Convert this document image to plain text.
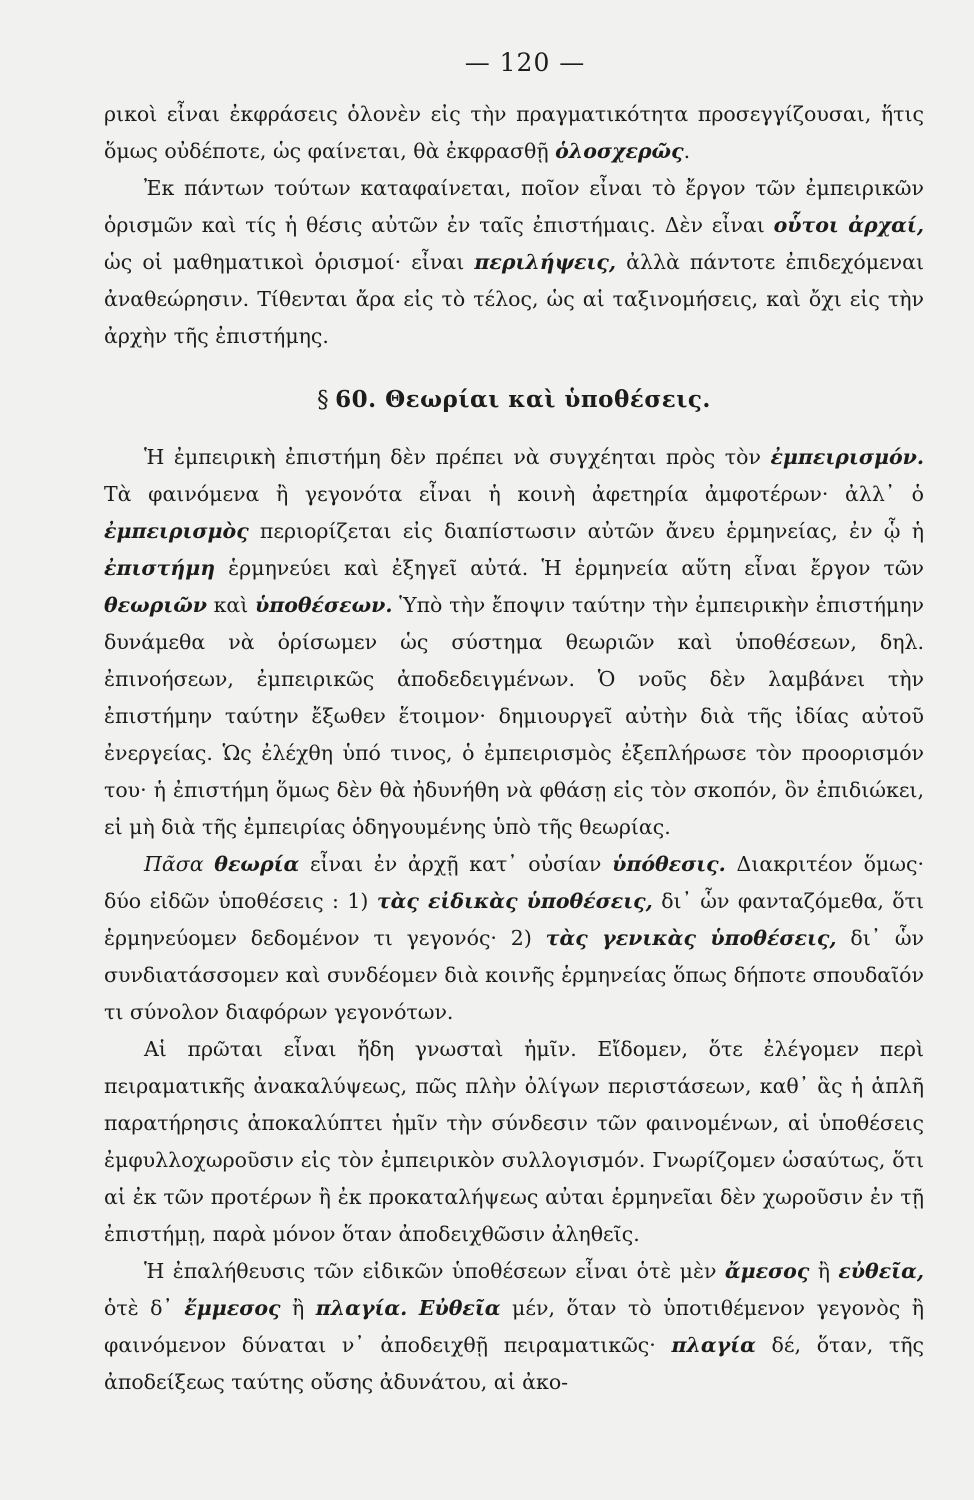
— 120 —

ρικοὶ εἶναι ἐκφράσεις ὁλονὲν εἰς τὴν πραγματικότητα προσεγγίζουσαι, ἥτις ὅμως οὐδέποτε, ὡς φαίνεται, θὰ ἐκφρασθῇ ὁλοσχερῶς.

Ἐκ πάντων τούτων καταφαίνεται, ποῖον εἶναι τὸ ἔργον τῶν ἐμπειρικῶν ὁρισμῶν καὶ τίς ἡ θέσις αὐτῶν ἐν ταῖς ἐπιστήμαις. Δὲν εἶναι οὗτοι ἀρχαί, ὡς οἱ μαθηματικοὶ ὁρισμοί· εἶναι περιλήψεις, ἀλλὰ πάντοτε ἐπιδεχόμεναι ἀναθεώρησιν. Τίθενται ἄρα εἰς τὸ τέλος, ὡς αἱ ταξινομήσεις, καὶ ὄχι εἰς τὴν ἀρχὴν τῆς ἐπιστήμης.

§ 60. Θεωρίαι καὶ ὑποθέσεις.

Ἡ ἐμπειρικὴ ἐπιστήμη δὲν πρέπει νὰ συγχέηται πρὸς τὸν ἐμπειρισμόν. Τὰ φαινόμενα ἢ γεγονότα εἶναι ἡ κοινὴ ἀφετηρία ἀμφοτέρων· ἀλλ᾽ ὁ ἐμπειρισμὸς περιορίζεται εἰς διαπίστωσιν αὐτῶν ἄνευ ἑρμηνείας, ἐν ᾧ ἡ ἐπιστήμη ἑρμηνεύει καὶ ἐξηγεῖ αὐτά. Ἡ ἑρμηνεία αὕτη εἶναι ἔργον τῶν θεωριῶν καὶ ὑποθέσεων. Ὑπὸ τὴν ἔποψιν ταύτην τὴν ἐμπειρικὴν ἐπιστήμην δυνάμεθα νὰ ὁρίσωμεν ὡς σύστημα θεωριῶν καὶ ὑποθέσεων, δηλ. ἐπινοήσεων, ἐμπειρικῶς ἀποδεδειγμένων. Ὁ νοῦς δὲν λαμβάνει τὴν ἐπιστήμην ταύτην ἔξωθεν ἕτοιμον· δημιουργεῖ αὐτὴν διὰ τῆς ἰδίας αὐτοῦ ἐνεργείας. Ὡς ἐλέχθη ὑπό τινος, ὁ ἐμπειρισμὸς ἐξεπλήρωσε τὸν προορισμόν του· ἡ ἐπιστήμη ὅμως δὲν θὰ ἠδυνήθη νὰ φθάσῃ εἰς τὸν σκοπόν, ὃν ἐπιδιώκει, εἰ μὴ διὰ τῆς ἐμπειρίας ὁδηγουμένης ὑπὸ τῆς θεωρίας.

Πᾶσα θεωρία εἶναι ἐν ἀρχῇ κατ᾽ οὐσίαν ὑπόθεσις. Διακριτέον ὅμως· δύο εἰδῶν ὑποθέσεις : 1) τὰς εἰδικὰς ὑποθέσεις, δι᾽ ὧν φανταζόμεθα, ὅτι ἑρμηνεύομεν δεδομένον τι γεγονός· 2) τὰς γενικὰς ὑποθέσεις, δι᾽ ὧν συνδιατάσσομεν καὶ συνδέομεν διὰ κοινῆς ἑρμηνείας ὅπως δήποτε σπουδαῖόν τι σύνολον διαφόρων γεγονότων.

Αἱ πρῶται εἶναι ἤδη γνωσταὶ ἡμῖν. Εἴδομεν, ὅτε ἐλέγομεν περὶ πειραματικῆς ἀνακαλύψεως, πῶς πλὴν ὀλίγων περιστάσεων, καθ᾽ ἃς ἡ ἁπλῆ παρατήρησις ἀποκαλύπτει ἡμῖν τὴν σύνδεσιν τῶν φαινομένων, αἱ ὑποθέσεις ἐμφυλλοχωροῦσιν εἰς τὸν ἐμπειρικὸν συλλογισμόν. Γνωρίζομεν ὡσαύτως, ὅτι αἱ ἐκ τῶν προτέρων ἢ ἐκ προκαταλήψεως αὐται ἑρμηνεῖαι δὲν χωροῦσιν ἐν τῇ ἐπιστήμῃ, παρὰ μόνον ὅταν ἀποδειχθῶσιν ἀληθεῖς.

Ἡ ἐπαλήθευσις τῶν εἰδικῶν ὑποθέσεων εἶναι ὁτὲ μὲν ἄμεσος ἢ εὐθεῖα, ὁτὲ δ᾽ ἔμμεσος ἢ πλαγία. Εὐθεῖα μέν, ὅταν τὸ ὑποτιθέμενον γεγονὸς ἢ φαινόμενον δύναται ν᾽ ἀποδειχθῇ πειραματικῶς· πλαγία δέ, ὅταν, τῆς ἀποδείξεως ταύτης οὔσης ἀδυνάτου, αἱ ἀκο-
